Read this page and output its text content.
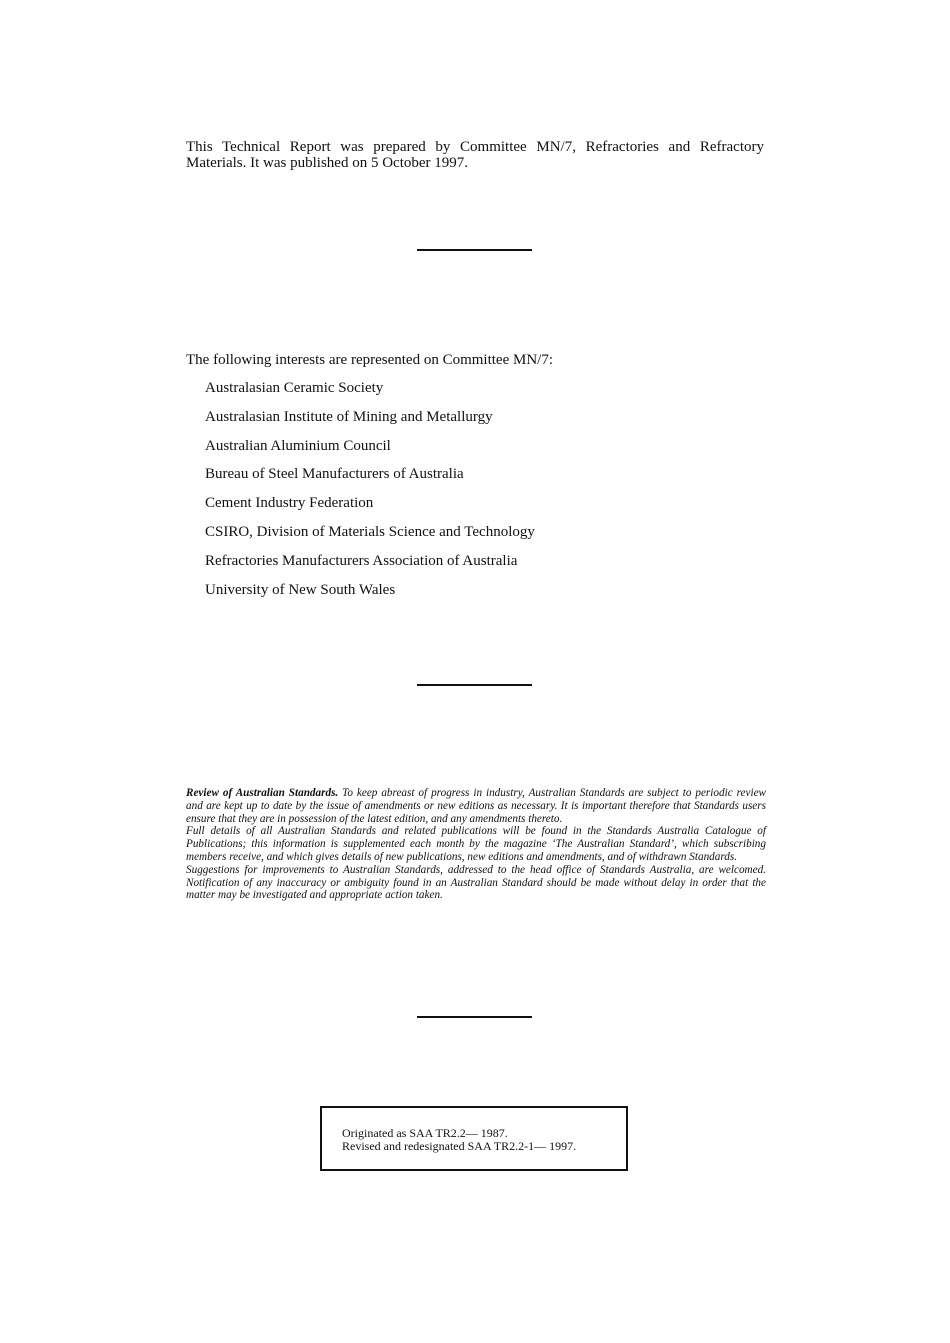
This Technical Report was prepared by Committee MN/7, Refractories and Refractory Materials. It was published on 5 October 1997.

The following interests are represented on Committee MN/7:
Australasian Ceramic Society
Australasian Institute of Mining and Metallurgy
Australian Aluminium Council
Bureau of Steel Manufacturers of Australia
Cement Industry Federation
CSIRO, Division of Materials Science and Technology
Refractories Manufacturers Association of Australia
University of New South Wales

Review of Australian Standards. To keep abreast of progress in industry, Australian Standards are subject to periodic review and are kept up to date by the issue of amendments or new editions as necessary. It is important therefore that Standards users ensure that they are in possession of the latest edition, and any amendments thereto.

Full details of all Australian Standards and related publications will be found in the Standards Australia Catalogue of Publications; this information is supplemented each month by the magazine ‘The Australian Standard’, which subscribing members receive, and which gives details of new publications, new editions and amendments, and of withdrawn Standards.

Suggestions for improvements to Australian Standards, addressed to the head office of Standards Australia, are welcomed. Notification of any inaccuracy or ambiguity found in an Australian Standard should be made without delay in order that the matter may be investigated and appropriate action taken.

Originated as SAA TR2.2— 1987.
Revised and redesignated SAA TR2.2-1— 1997.
